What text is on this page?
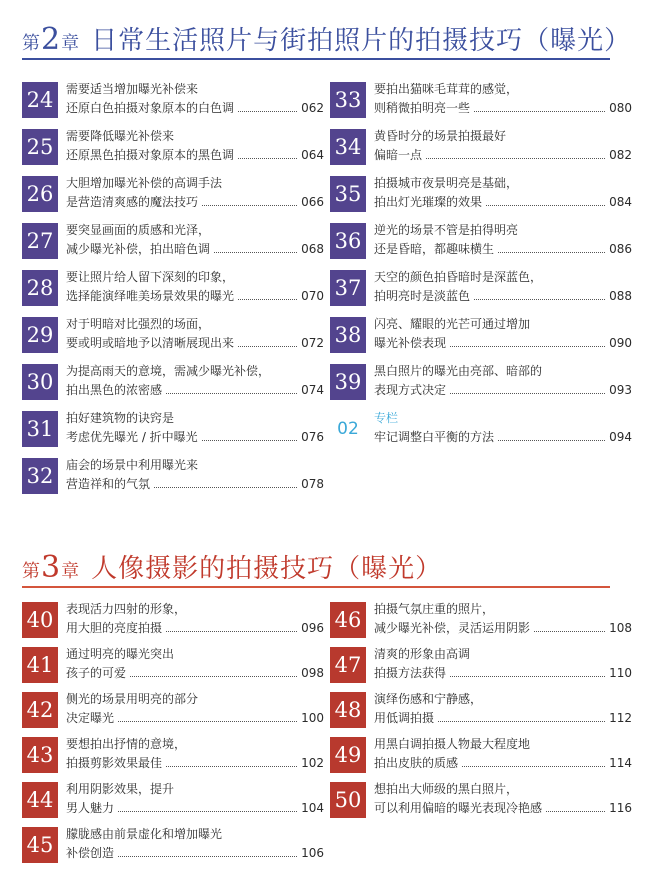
第 2 章 日常生活照片与街拍照片的拍摄技巧（曝光）
24	需要适当增加曝光补偿来
还原白色拍摄对象原本的白色调	062
25	需要降低曝光补偿来
还原黑色拍摄对象原本的黑色调	064
26	大胆增加曝光补偿的高调手法
是营造清爽感的魔法技巧	066
27	要突显画面的质感和光泽，
减少曝光补偿，拍出暗色调	068
28	要让照片给人留下深刻的印象，
选择能演绎唯美场景效果的曝光	070
29	对于明暗对比强烈的场面，
要或明或暗地予以清晰展现出来	072
30	为提高雨天的意境，需减少曝光补偿，
拍出黑色的浓密感	074
31	拍好建筑物的诀窍是
考虑优先曝光 / 折中曝光	076
32	庙会的场景中利用曝光来
营造祥和的气氛	078
33	要拍出猫咪毛茸茸的感觉，
则稍微拍明亮一些	080
34	黄昏时分的场景拍摄最好
偏暗一点	082
35	拍摄城市夜景明亮是基础，
拍出灯光璀璨的效果	084
36	逆光的场景不管是拍得明亮
还是昏暗，都趣味横生	086
37	天空的颜色拍昏暗时是深蓝色，
拍明亮时是淡蓝色	088
38	闪亮、耀眼的光芒可通过增加
曝光补偿表现	090
39	黑白照片的曝光由亮部、暗部的
表现方式决定	093
02
专栏
牢记调整白平衡的方法	094
第 3 章 人像摄影的拍摄技巧（曝光）
40	表现活力四射的形象，
用大胆的亮度拍摄	096
41	通过明亮的曝光突出
孩子的可爱	098
42	侧光的场景用明亮的部分
决定曝光	100
43	要想拍出抒情的意境，
拍摄剪影效果最佳	102
44	利用阴影效果，提升
男人魅力	104
45	朦胧感由前景虚化和增加曝光
补偿创造	106
46	拍摄气氛庄重的照片，
减少曝光补偿，灵活运用阴影	108
47	清爽的形象由高调
拍摄方法获得	110
48	演绎伤感和宁静感，
用低调拍摄	112
49	用黑白调拍摄人物最大程度地
拍出皮肤的质感	114
50	想拍出大师级的黑白照片，
可以利用偏暗的曝光表现冷艳感	116
